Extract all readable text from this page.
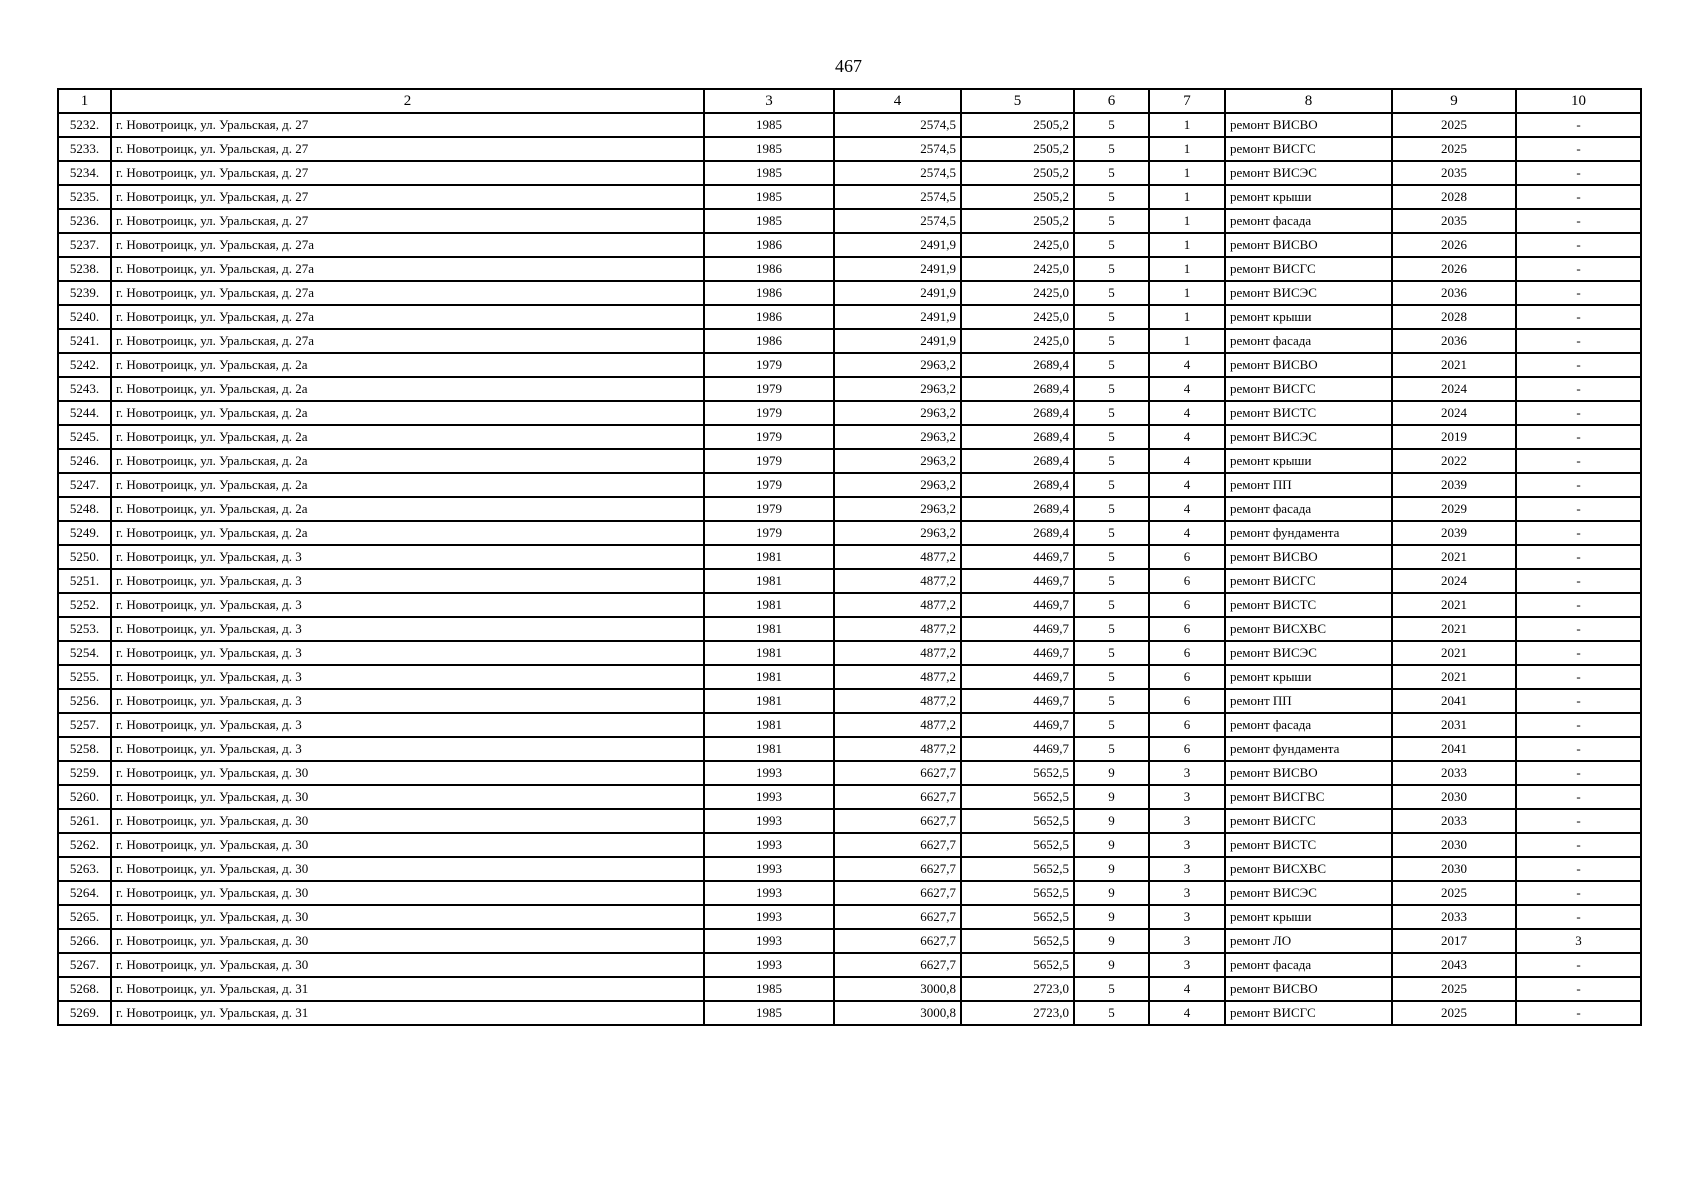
467
1	2	3	4	5	6	7	8	9	10
5232.	г. Новотроицк, ул. Уральская, д. 27	1985	2574,5	2505,2	5	1	ремонт ВИСВО	2025	-
5233.	г. Новотроицк, ул. Уральская, д. 27	1985	2574,5	2505,2	5	1	ремонт ВИСГС	2025	-
5234.	г. Новотроицк, ул. Уральская, д. 27	1985	2574,5	2505,2	5	1	ремонт ВИСЭС	2035	-
5235.	г. Новотроицк, ул. Уральская, д. 27	1985	2574,5	2505,2	5	1	ремонт крыши	2028	-
5236.	г. Новотроицк, ул. Уральская, д. 27	1985	2574,5	2505,2	5	1	ремонт фасада	2035	-
5237.	г. Новотроицк, ул. Уральская, д. 27а	1986	2491,9	2425,0	5	1	ремонт ВИСВО	2026	-
5238.	г. Новотроицк, ул. Уральская, д. 27а	1986	2491,9	2425,0	5	1	ремонт ВИСГС	2026	-
5239.	г. Новотроицк, ул. Уральская, д. 27а	1986	2491,9	2425,0	5	1	ремонт ВИСЭС	2036	-
5240.	г. Новотроицк, ул. Уральская, д. 27а	1986	2491,9	2425,0	5	1	ремонт крыши	2028	-
5241.	г. Новотроицк, ул. Уральская, д. 27а	1986	2491,9	2425,0	5	1	ремонт фасада	2036	-
5242.	г. Новотроицк, ул. Уральская, д. 2а	1979	2963,2	2689,4	5	4	ремонт ВИСВО	2021	-
5243.	г. Новотроицк, ул. Уральская, д. 2а	1979	2963,2	2689,4	5	4	ремонт ВИСГС	2024	-
5244.	г. Новотроицк, ул. Уральская, д. 2а	1979	2963,2	2689,4	5	4	ремонт ВИСТС	2024	-
5245.	г. Новотроицк, ул. Уральская, д. 2а	1979	2963,2	2689,4	5	4	ремонт ВИСЭС	2019	-
5246.	г. Новотроицк, ул. Уральская, д. 2а	1979	2963,2	2689,4	5	4	ремонт крыши	2022	-
5247.	г. Новотроицк, ул. Уральская, д. 2а	1979	2963,2	2689,4	5	4	ремонт ПП	2039	-
5248.	г. Новотроицк, ул. Уральская, д. 2а	1979	2963,2	2689,4	5	4	ремонт фасада	2029	-
5249.	г. Новотроицк, ул. Уральская, д. 2а	1979	2963,2	2689,4	5	4	ремонт фундамента	2039	-
5250.	г. Новотроицк, ул. Уральская, д. 3	1981	4877,2	4469,7	5	6	ремонт ВИСВО	2021	-
5251.	г. Новотроицк, ул. Уральская, д. 3	1981	4877,2	4469,7	5	6	ремонт ВИСГС	2024	-
5252.	г. Новотроицк, ул. Уральская, д. 3	1981	4877,2	4469,7	5	6	ремонт ВИСТС	2021	-
5253.	г. Новотроицк, ул. Уральская, д. 3	1981	4877,2	4469,7	5	6	ремонт ВИСХВС	2021	-
5254.	г. Новотроицк, ул. Уральская, д. 3	1981	4877,2	4469,7	5	6	ремонт ВИСЭС	2021	-
5255.	г. Новотроицк, ул. Уральская, д. 3	1981	4877,2	4469,7	5	6	ремонт крыши	2021	-
5256.	г. Новотроицк, ул. Уральская, д. 3	1981	4877,2	4469,7	5	6	ремонт ПП	2041	-
5257.	г. Новотроицк, ул. Уральская, д. 3	1981	4877,2	4469,7	5	6	ремонт фасада	2031	-
5258.	г. Новотроицк, ул. Уральская, д. 3	1981	4877,2	4469,7	5	6	ремонт фундамента	2041	-
5259.	г. Новотроицк, ул. Уральская, д. 30	1993	6627,7	5652,5	9	3	ремонт ВИСВО	2033	-
5260.	г. Новотроицк, ул. Уральская, д. 30	1993	6627,7	5652,5	9	3	ремонт ВИСГВС	2030	-
5261.	г. Новотроицк, ул. Уральская, д. 30	1993	6627,7	5652,5	9	3	ремонт ВИСГС	2033	-
5262.	г. Новотроицк, ул. Уральская, д. 30	1993	6627,7	5652,5	9	3	ремонт ВИСТС	2030	-
5263.	г. Новотроицк, ул. Уральская, д. 30	1993	6627,7	5652,5	9	3	ремонт ВИСХВС	2030	-
5264.	г. Новотроицк, ул. Уральская, д. 30	1993	6627,7	5652,5	9	3	ремонт ВИСЭС	2025	-
5265.	г. Новотроицк, ул. Уральская, д. 30	1993	6627,7	5652,5	9	3	ремонт крыши	2033	-
5266.	г. Новотроицк, ул. Уральская, д. 30	1993	6627,7	5652,5	9	3	ремонт ЛО	2017	3
5267.	г. Новотроицк, ул. Уральская, д. 30	1993	6627,7	5652,5	9	3	ремонт фасада	2043	-
5268.	г. Новотроицк, ул. Уральская, д. 31	1985	3000,8	2723,0	5	4	ремонт ВИСВО	2025	-
5269.	г. Новотроицк, ул. Уральская, д. 31	1985	3000,8	2723,0	5	4	ремонт ВИСГС	2025	-
